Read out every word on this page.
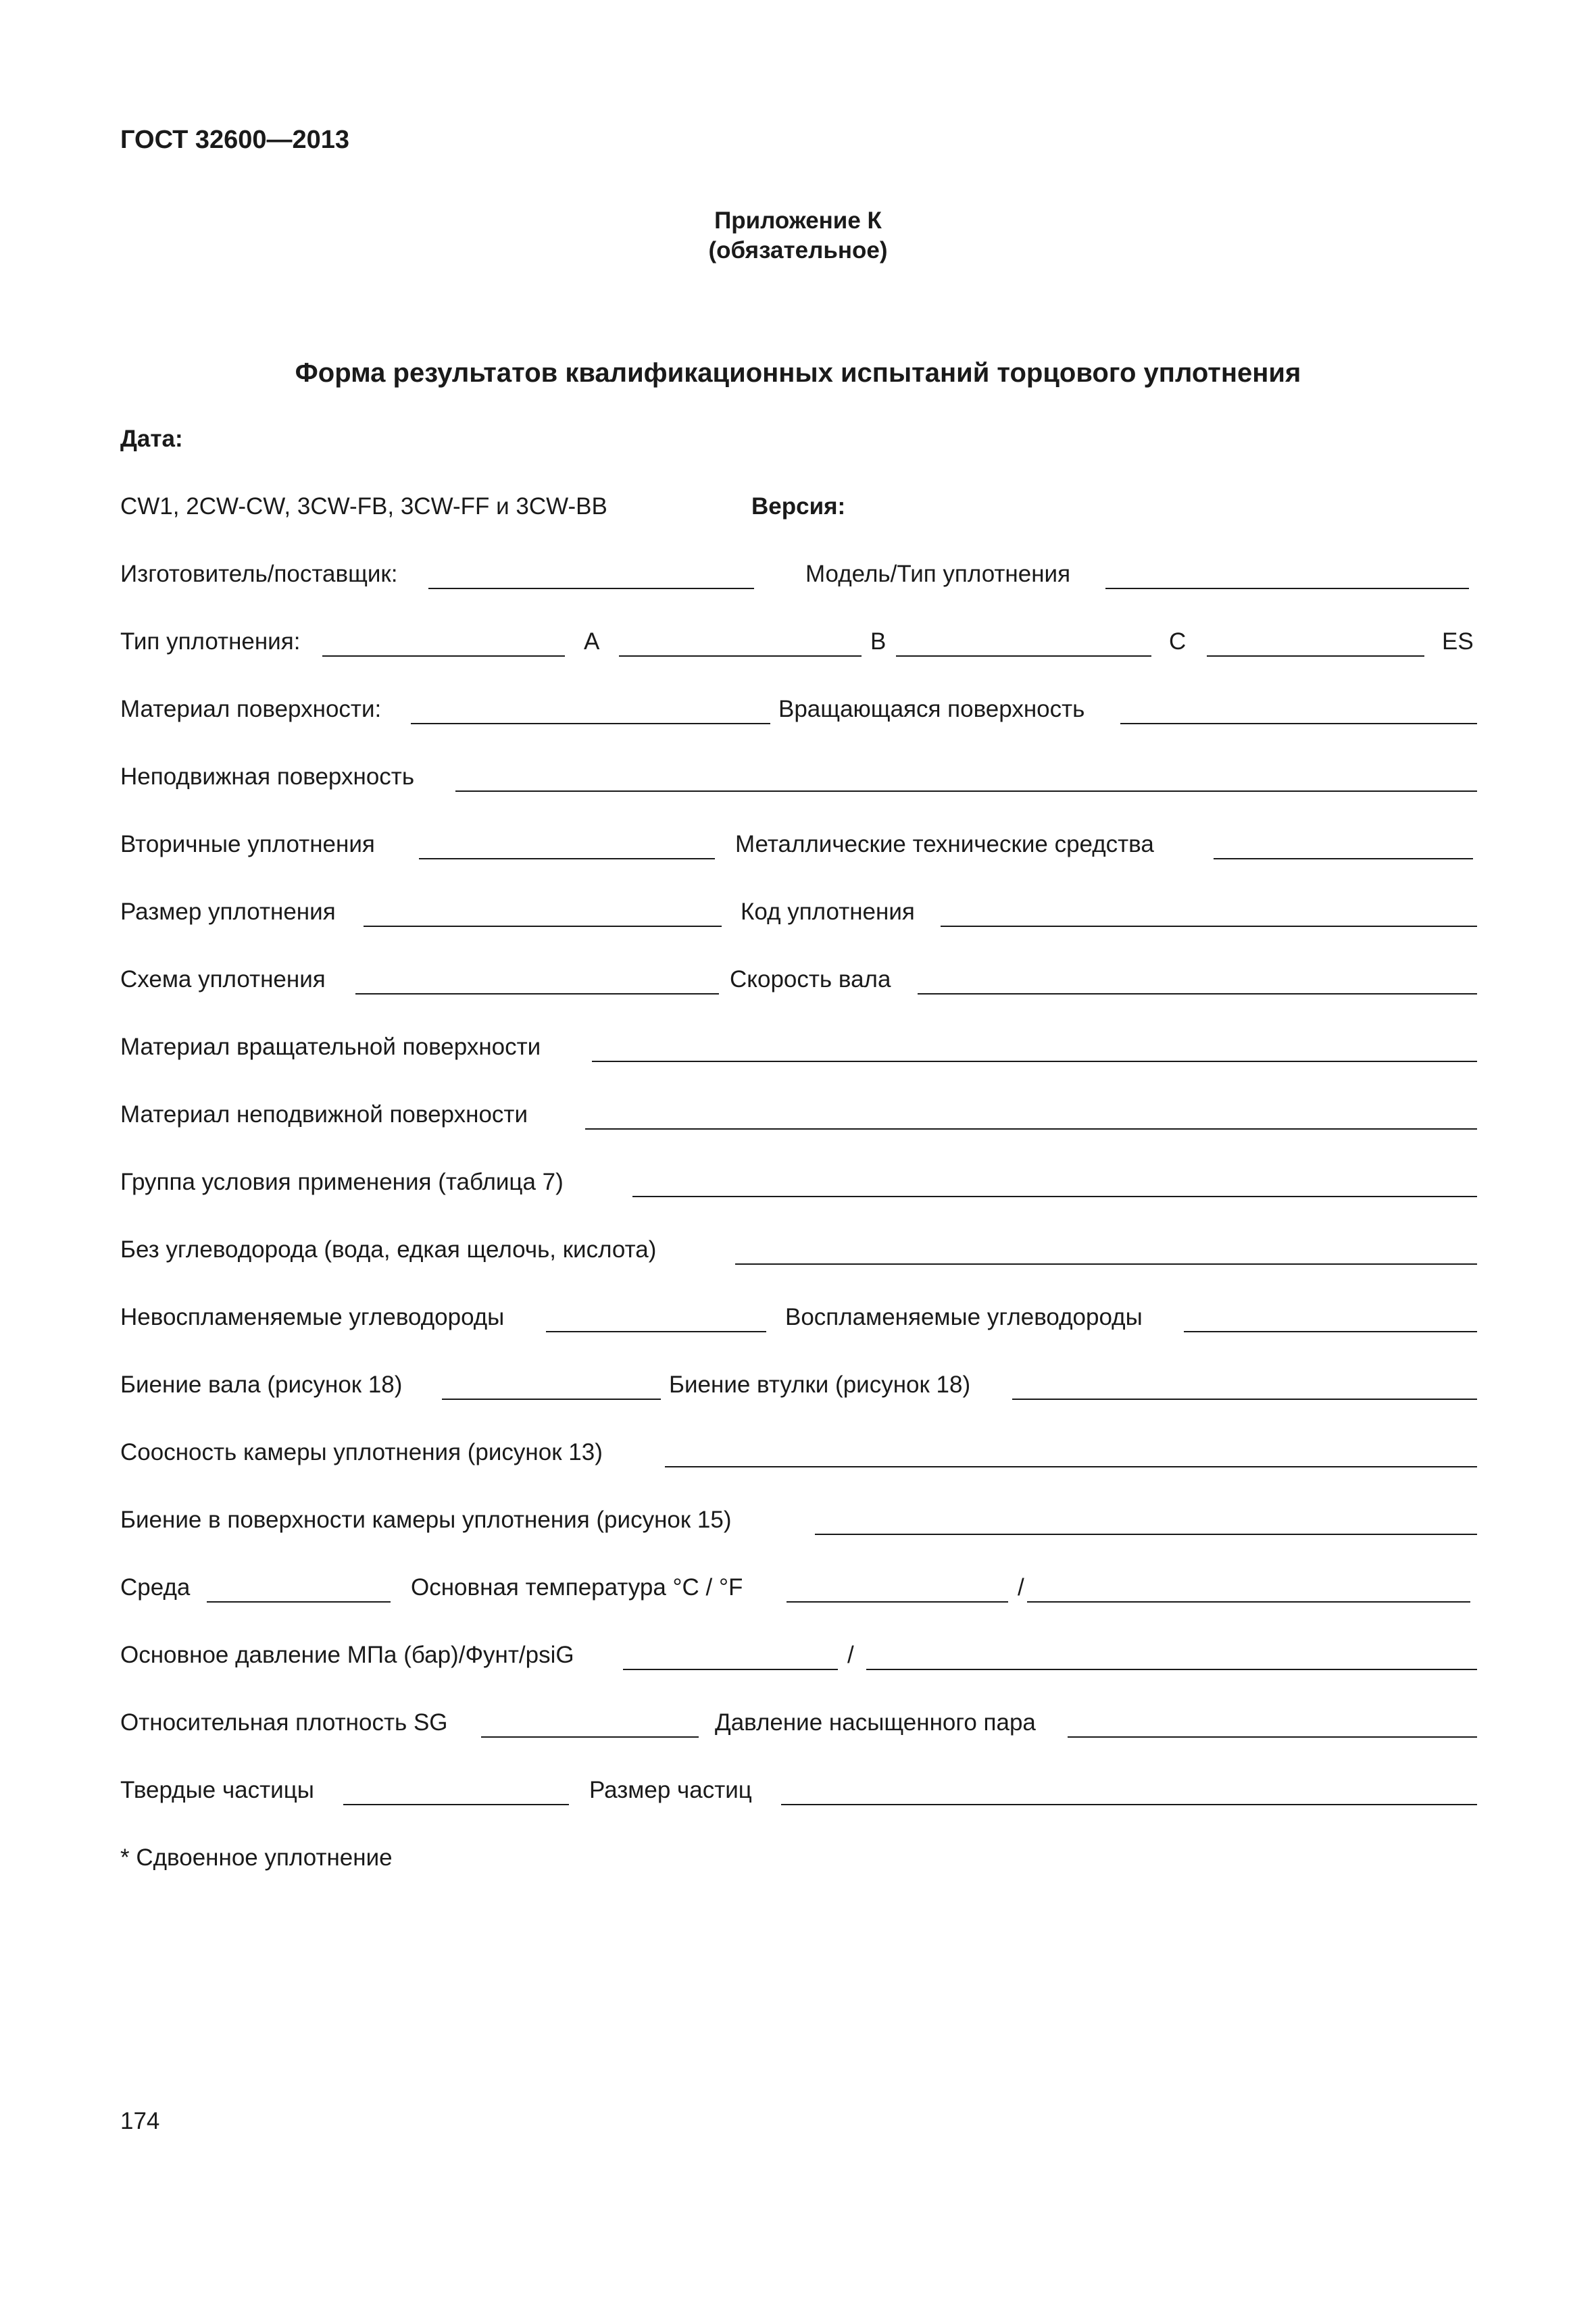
ГОСТ 32600—2013
Приложение К
(обязательное)
Форма результатов квалификационных испытаний торцового уплотнения
Дата:
CW1, 2CW-CW, 3CW-FB, 3CW-FF и 3CW-BB	Версия:
Изготовитель/поставщик:	Модель/Тип уплотнения
Тип уплотнения:	A	B	C	ES
Материал поверхности:	Вращающаяся поверхность
Неподвижная поверхность
Вторичные уплотнения	Металлические технические средства
Размер уплотнения	Код уплотнения
Схема уплотнения	Скорость вала
Материал вращательной поверхности
Материал неподвижной поверхности
Группа условия применения (таблица 7)
Без углеводорода (вода, едкая щелочь, кислота)
Невоспламеняемые углеводороды	Воспламеняемые углеводороды
Биение вала (рисунок 18)	Биение втулки (рисунок 18)
Соосность камеры уплотнения (рисунок 13)
Биение в поверхности камеры уплотнения (рисунок 15)
Среда	Основная температура °C / °F	/
Основное давление МПа (бар)/Фунт/psiG	/
Относительная плотность SG	Давление насыщенного пара
Твердые частицы	Размер частиц
* Сдвоенное уплотнение
174
